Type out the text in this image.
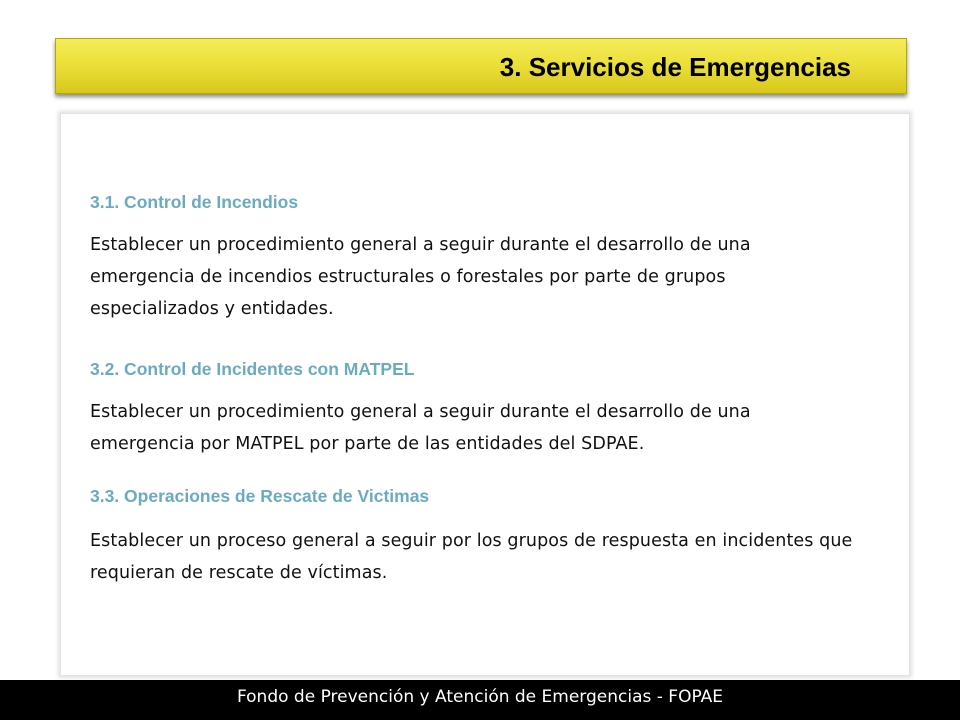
3. Servicios de Emergencias
3.1. Control de Incendios

Establecer un procedimiento general a seguir durante el desarrollo de una emergencia de incendios estructurales o forestales por parte de grupos especializados y entidades.

3.2. Control de Incidentes con MATPEL

Establecer un procedimiento general a seguir durante el desarrollo de una emergencia por MATPEL por parte de las entidades del SDPAE.

3.3. Operaciones de Rescate de Victimas

Establecer un proceso general a seguir por los grupos de respuesta en incidentes que requieran de rescate de víctimas.

Fondo de Prevención y Atención de Emergencias - FOPAE
